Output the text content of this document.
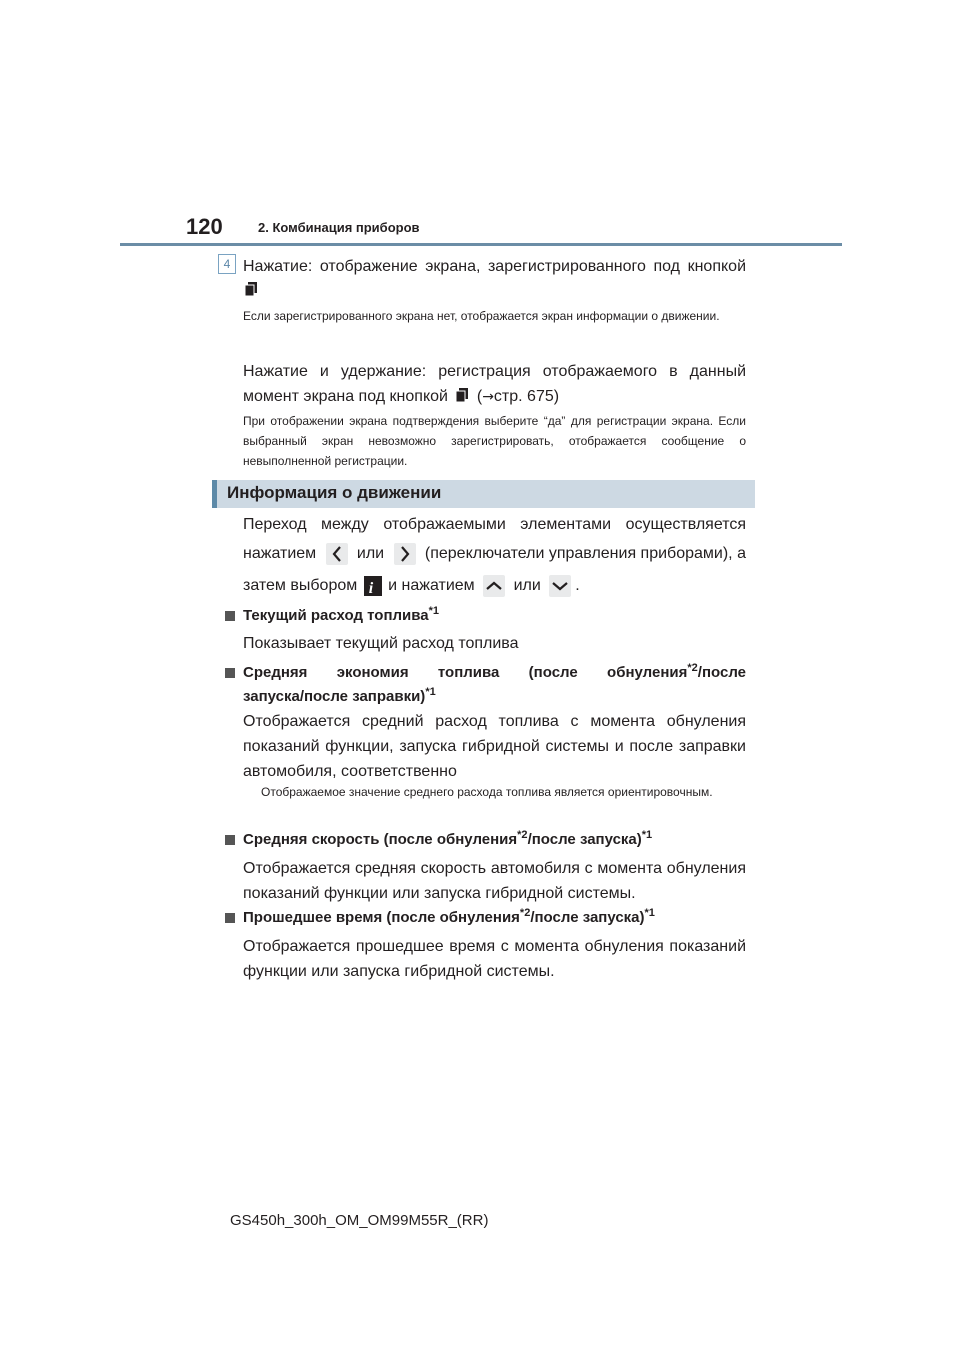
120	2. Комбинация приборов
4 Нажатие: отображение экрана, зарегистрированного под кнопкой
Если зарегистрированного экрана нет, отображается экран информации о движении.
Нажатие и удержание: регистрация отображаемого в данный
момент экрана под кнопкой (→стр. 675)
При отображении экрана подтверждения выберите “да” для регистрации экрана. Если выбранный экран невозможно зарегистрировать, отображается сообщение о невыполненной регистрации.
Информация о движении
Переход между отображаемыми элементами осуществляется
нажатием	или	(переключатели управления приборами), а
затем выбором i и нажатием или .
Текущий расход топлива$^{*1}$
Показывает текущий расход топлива
Средняя экономия топлива (после обнуления$^{*2}$/после
запуска/после заправки)$^{*1}$
Отображается средний расход топлива с момента обнуления показаний функции, запуска гибридной системы и после заправки автомобиля, соответственно
Отображаемое значение среднего расхода топлива является ориентировочным.
Средняя скорость (после обнуления$^{*2}$/после запуска)$^{*1}$
Отображается средняя скорость автомобиля с момента обнуления показаний функции или запуска гибридной системы.
Прошедшее время (после обнуления$^{*2}$/после запуска)$^{*1}$
Отображается прошедшее время с момента обнуления показаний функции или запуска гибридной системы.
GS450h_300h_OM_OM99M55R_(RR)
